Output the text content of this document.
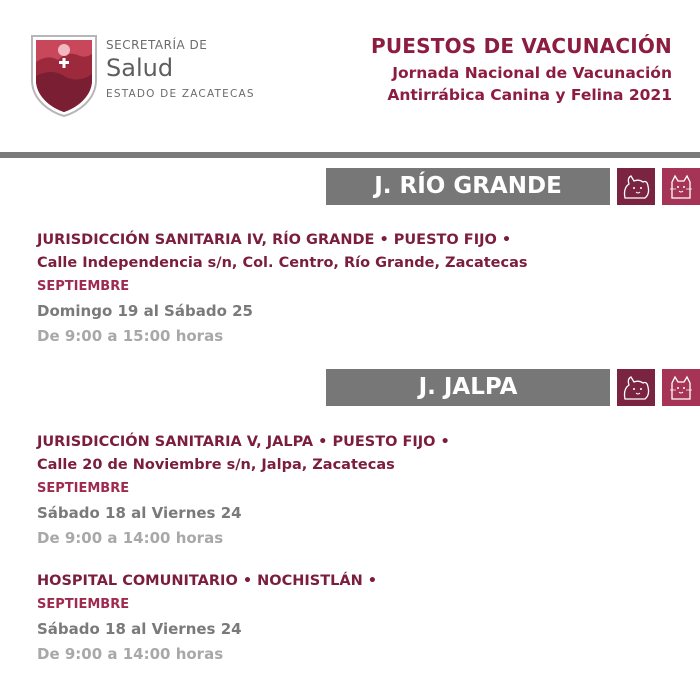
SECRETARÍA DE
Salud
ESTADO DE ZACATECAS
PUESTOS DE VACUNACIÓN
Jornada Nacional de Vacunación
Antirrábica Canina y Felina 2021
J. RÍO GRANDE
JURISDICCIÓN SANITARIA IV, RÍO GRANDE • PUESTO FIJO •
Calle Independencia s/n, Col. Centro, Río Grande, Zacatecas
SEPTIEMBRE
Domingo 19 al Sábado 25
De 9:00 a 15:00 horas
J. JALPA
JURISDICCIÓN SANITARIA V, JALPA • PUESTO FIJO •
Calle 20 de Noviembre s/n, Jalpa, Zacatecas
SEPTIEMBRE
Sábado 18 al Viernes 24
De 9:00 a 14:00 horas
HOSPITAL COMUNITARIO • NOCHISTLÁN •
SEPTIEMBRE
Sábado 18 al Viernes 24
De 9:00 a 14:00 horas
